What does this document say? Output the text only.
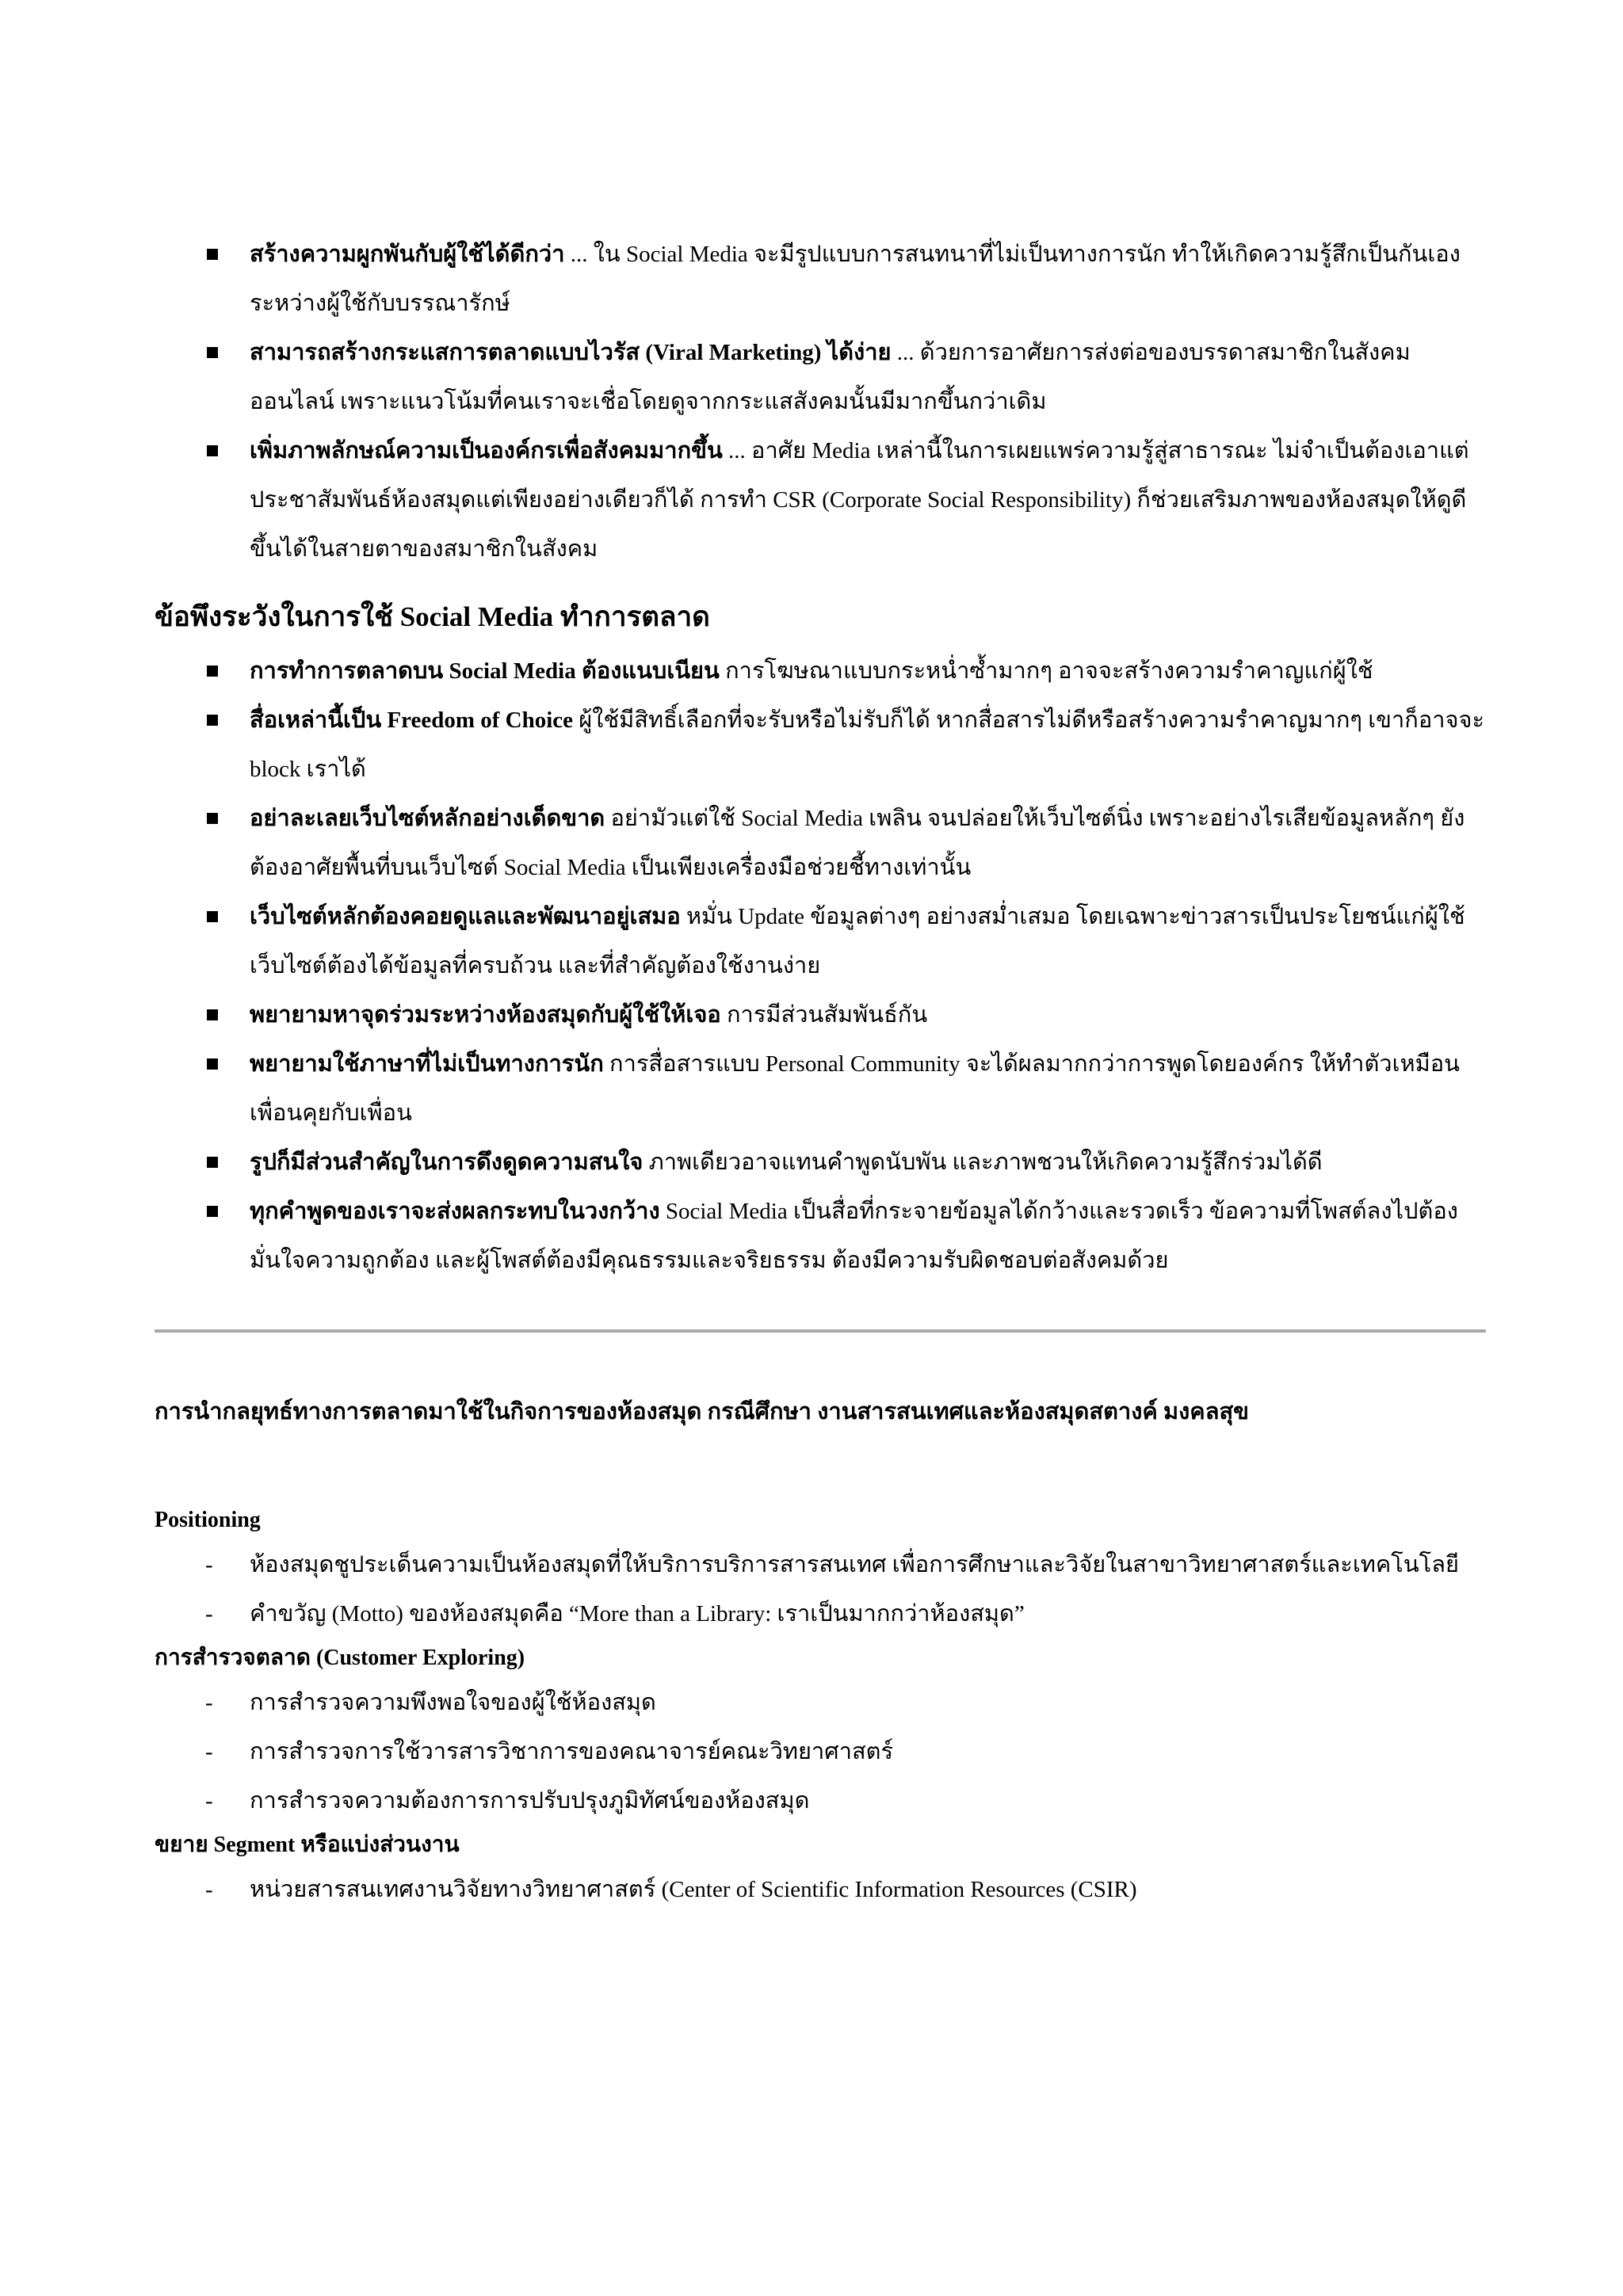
สร้างความผูกพันกับผู้ใช้ได้ดีกว่า ... ใน Social Media จะมีรูปแบบการสนทนาที่ไม่เป็นทางการนัก ทำให้เกิดความรู้สึกเป็นกันเองระหว่างผู้ใช้กับบรรณารักษ์
สามารถสร้างกระแสการตลาดแบบไวรัส (Viral Marketing) ได้ง่าย ... ด้วยการอาศัยการส่งต่อของบรรดาสมาชิกในสังคมออนไลน์ เพราะแนวโน้มที่คนเราจะเชื่อโดยดูจากกระแสสังคมนั้นมีมากขึ้นกว่าเดิม
เพิ่มภาพลักษณ์ความเป็นองค์กรเพื่อสังคมมากขึ้น ... อาศัย Media เหล่านี้ในการเผยแพร่ความรู้สู่สาธารณะ ไม่จำเป็นต้องเอาแต่ประชาสัมพันธ์ห้องสมุดแต่เพียงอย่างเดียวก็ได้ การทำ CSR (Corporate Social Responsibility) ก็ช่วยเสริมภาพของห้องสมุดให้ดูดีขึ้นได้ในสายตาของสมาชิกในสังคม
ข้อพึงระวังในการใช้ Social Media ทำการตลาด
การทำการตลาดบน Social Media ต้องแนบเนียน การโฆษณาแบบกระหน่ำซ้ำมากๆ อาจจะสร้างความรำคาญแก่ผู้ใช้
สื่อเหล่านี้เป็น Freedom of Choice ผู้ใช้มีสิทธิ์เลือกที่จะรับหรือไม่รับก็ได้ หากสื่อสารไม่ดีหรือสร้างความรำคาญมากๆ เขาก็อาจจะ block เราได้
อย่าละเลยเว็บไซต์หลักอย่างเด็ดขาด อย่ามัวแต่ใช้ Social Media เพลิน จนปล่อยให้เว็บไซต์นิ่ง เพราะอย่างไรเสียข้อมูลหลักๆ ยังต้องอาศัยพื้นที่บนเว็บไซต์ Social Media เป็นเพียงเครื่องมือช่วยชี้ทางเท่านั้น
เว็บไซต์หลักต้องคอยดูแลและพัฒนาอยู่เสมอ หมั่น Update ข้อมูลต่างๆ อย่างสม่ำเสมอ โดยเฉพาะข่าวสารเป็นประโยชน์แก่ผู้ใช้ เว็บไซต์ต้องได้ข้อมูลที่ครบถ้วน และที่สำคัญต้องใช้งานง่าย
พยายามหาจุดร่วมระหว่างห้องสมุดกับผู้ใช้ให้เจอ การมีส่วนสัมพันธ์กัน
พยายามใช้ภาษาที่ไม่เป็นทางการนัก การสื่อสารแบบ Personal Community จะได้ผลมากกว่าการพูดโดยองค์กร ให้ทำตัวเหมือนเพื่อนคุยกับเพื่อน
รูปก็มีส่วนสำคัญในการดึงดูดความสนใจ ภาพเดียวอาจแทนคำพูดนับพัน และภาพชวนให้เกิดความรู้สึกร่วมได้ดี
ทุกคำพูดของเราจะส่งผลกระทบในวงกว้าง Social Media เป็นสื่อที่กระจายข้อมูลได้กว้างและรวดเร็ว ข้อความที่โพสต์ลงไปต้องมั่นใจความถูกต้อง และผู้โพสต์ต้องมีคุณธรรมและจริยธรรม ต้องมีความรับผิดชอบต่อสังคมด้วย
การนำกลยุทธ์ทางการตลาดมาใช้ในกิจการของห้องสมุด กรณีศึกษา งานสารสนเทศและห้องสมุดสตางค์ มงคลสุข
Positioning
- ห้องสมุดชูประเด็นความเป็นห้องสมุดที่ให้บริการบริการสารสนเทศ เพื่อการศึกษาและวิจัยในสาขาวิทยาศาสตร์และเทคโนโลยี
- คำขวัญ (Motto) ของห้องสมุดคือ “More than a Library: เราเป็นมากกว่าห้องสมุด”
การสำรวจตลาด (Customer Exploring)
- การสำรวจความพึงพอใจของผู้ใช้ห้องสมุด
- การสำรวจการใช้วารสารวิชาการของคณาจารย์คณะวิทยาศาสตร์
- การสำรวจความต้องการการปรับปรุงภูมิทัศน์ของห้องสมุด
ขยาย Segment หรือแบ่งส่วนงาน
- หน่วยสารสนเทศงานวิจัยทางวิทยาศาสตร์ (Center of Scientific Information Resources (CSIR)
